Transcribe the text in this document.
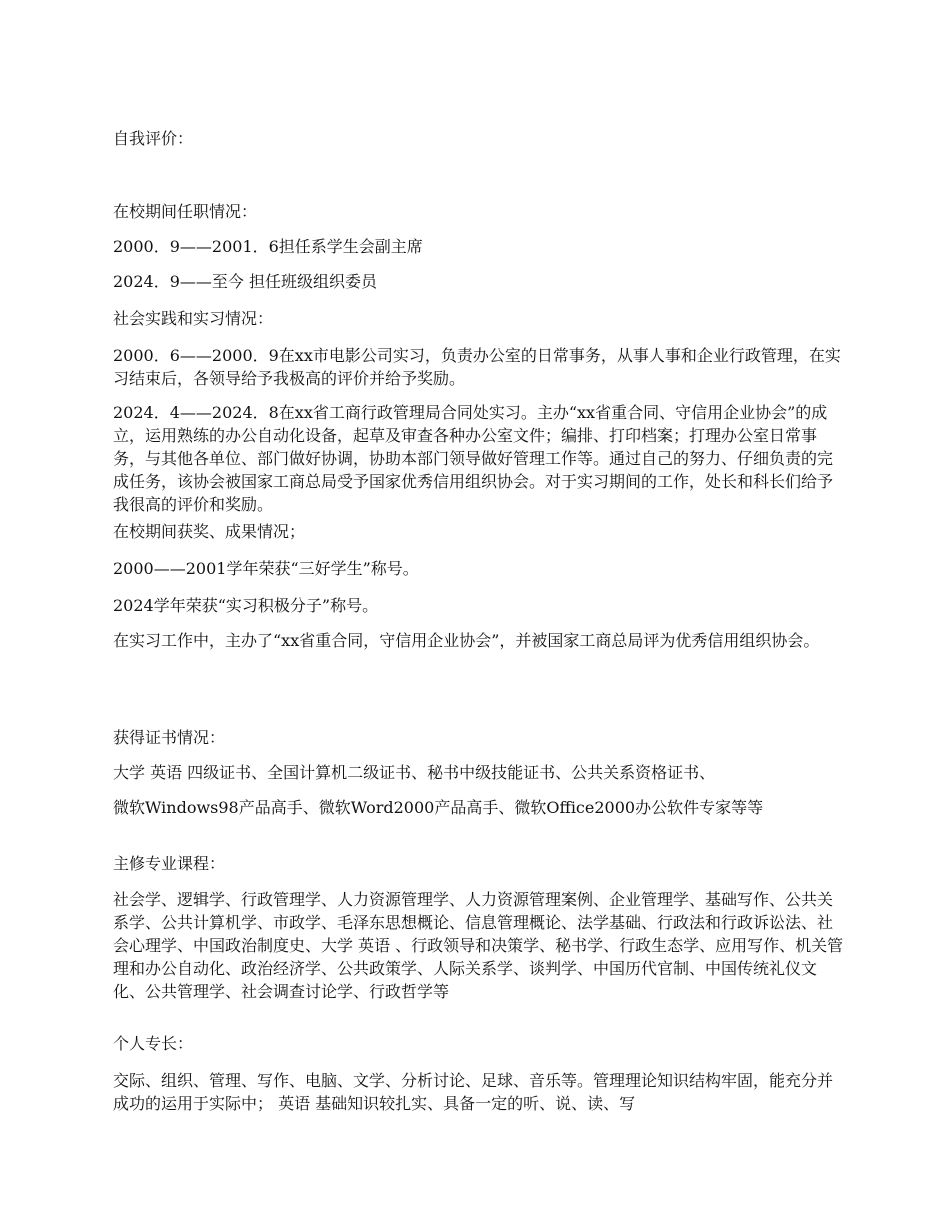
自我评价：

在校期间任职情况：

2000．9——2001．6担任系学生会副主席

2024．9——至今 担任班级组织委员

社会实践和实习情况：

2000．6——2000．9在xx市电影公司实习，负责办公室的日常事务，从事人事和企业行政管理，在实习结束后，各领导给予我极高的评价并给予奖励。

2024．4——2024．8在xx省工商行政管理局合同处实习。主办“xx省重合同、守信用企业协会”的成立，运用熟练的办公自动化设备，起草及审查各种办公室文件；编排、打印档案；打理办公室日常事务，与其他各单位、部门做好协调，协助本部门领导做好管理工作等。通过自己的努力、仔细负责的完成任务，该协会被国家工商总局受予国家优秀信用组织协会。对于实习期间的工作，处长和科长们给予我很高的评价和奖励。

在校期间获奖、成果情况；

2000——2001学年荣获“三好学生”称号。

2024学年荣获“实习积极分子”称号。

在实习工作中，主办了“xx省重合同，守信用企业协会”，并被国家工商总局评为优秀信用组织协会。

获得证书情况：

大学 英语 四级证书、全国计算机二级证书、秘书中级技能证书、公共关系资格证书、

微软Windows98产品高手、微软Word2000产品高手、微软Office2000办公软件专家等等

主修专业课程：

社会学、逻辑学、行政管理学、人力资源管理学、人力资源管理案例、企业管理学、基础写作、公共关系学、公共计算机学、市政学、毛泽东思想概论、信息管理概论、法学基础、行政法和行政诉讼法、社会心理学、中国政治制度史、大学 英语 、行政领导和决策学、秘书学、行政生态学、应用写作、机关管理和办公自动化、政治经济学、公共政策学、人际关系学、谈判学、中国历代官制、中国传统礼仪文化、公共管理学、社会调查讨论学、行政哲学等

个人专长：

交际、组织、管理、写作、电脑、文学、分析讨论、足球、音乐等。管理理论知识结构牢固，能充分并成功的运用于实际中； 英语 基础知识较扎实、具备一定的听、说、读、写
